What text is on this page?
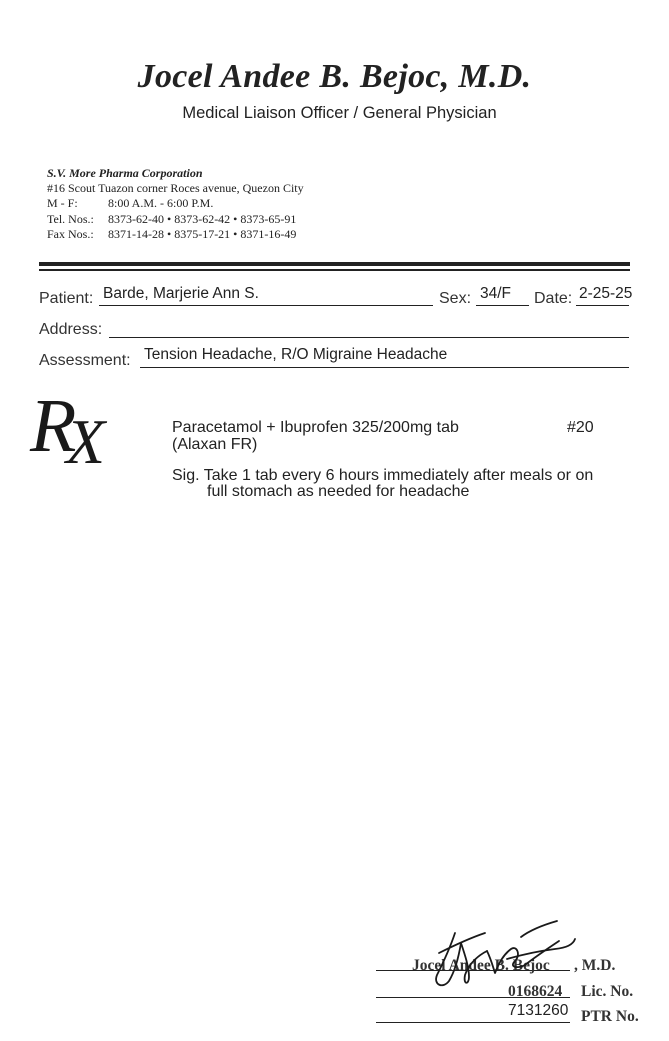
Jocel Andee B. Bejoc, M.D.
Medical Liaison Officer / General Physician
S.V. More Pharma Corporation
#16 Scout Tuazon corner Roces avenue, Quezon City
M - F:	8:00 A.M. - 6:00 P.M.
Tel. Nos.:	8373-62-40 • 8373-62-42 • 8373-65-91
Fax Nos.:	8371-14-28 • 8375-17-21 • 8371-16-49
Patient: Barde, Marjerie Ann S.	Sex: 34/F Date: 2-25-25
Address:
Assessment: Tension Headache, R/O Migraine Headache
R
X	Paracetamol + Ibuprofen 325/200mg tab
(Alaxan FR)
#20
Sig. Take 1 tab every 6 hours immediately after meals or on
full stomach as needed for headache
Jocel Andee B. Bejoc , M.D.
0168624 Lic. No.
7131260 PTR No.
